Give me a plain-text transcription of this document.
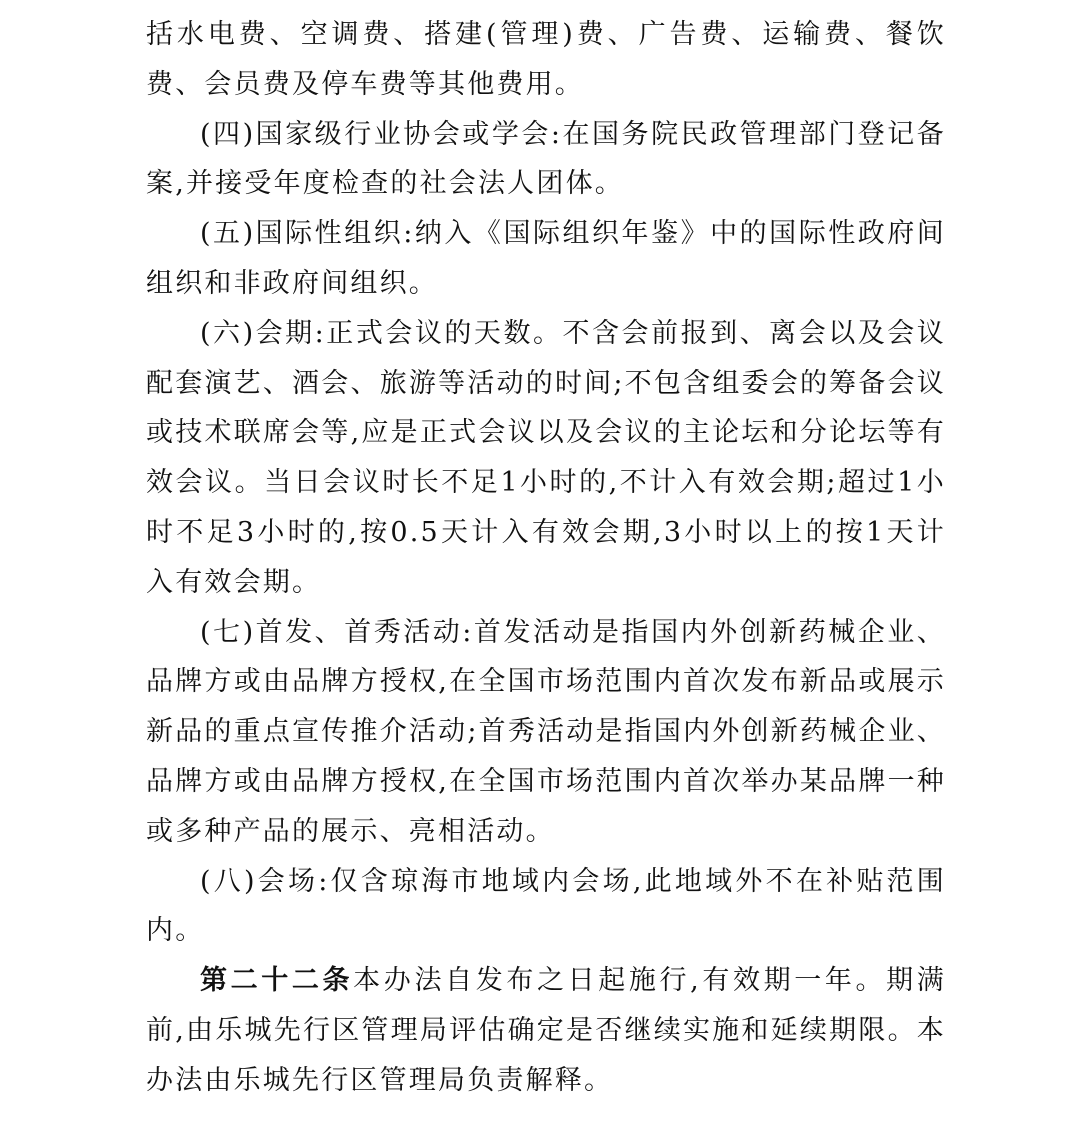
括水电费、空调费、搭建(管理)费、广告费、运输费、餐饮费、会员费及停车费等其他费用。

(四)国家级行业协会或学会:在国务院民政管理部门登记备案,并接受年度检查的社会法人团体。

(五)国际性组织:纳入《国际组织年鉴》中的国际性政府间组织和非政府间组织。

(六)会期:正式会议的天数。不含会前报到、离会以及会议配套演艺、酒会、旅游等活动的时间;不包含组委会的筹备会议或技术联席会等,应是正式会议以及会议的主论坛和分论坛等有效会议。当日会议时长不足1小时的,不计入有效会期;超过1小时不足3小时的,按0.5天计入有效会期,3小时以上的按1天计入有效会期。

(七)首发、首秀活动:首发活动是指国内外创新药械企业、品牌方或由品牌方授权,在全国市场范围内首次发布新品或展示新品的重点宣传推介活动;首秀活动是指国内外创新药械企业、品牌方或由品牌方授权,在全国市场范围内首次举办某品牌一种或多种产品的展示、亮相活动。

(八)会场:仅含琼海市地域内会场,此地域外不在补贴范围内。

第二十二条本办法自发布之日起施行,有效期一年。期满前,由乐城先行区管理局评估确定是否继续实施和延续期限。本办法由乐城先行区管理局负责解释。
